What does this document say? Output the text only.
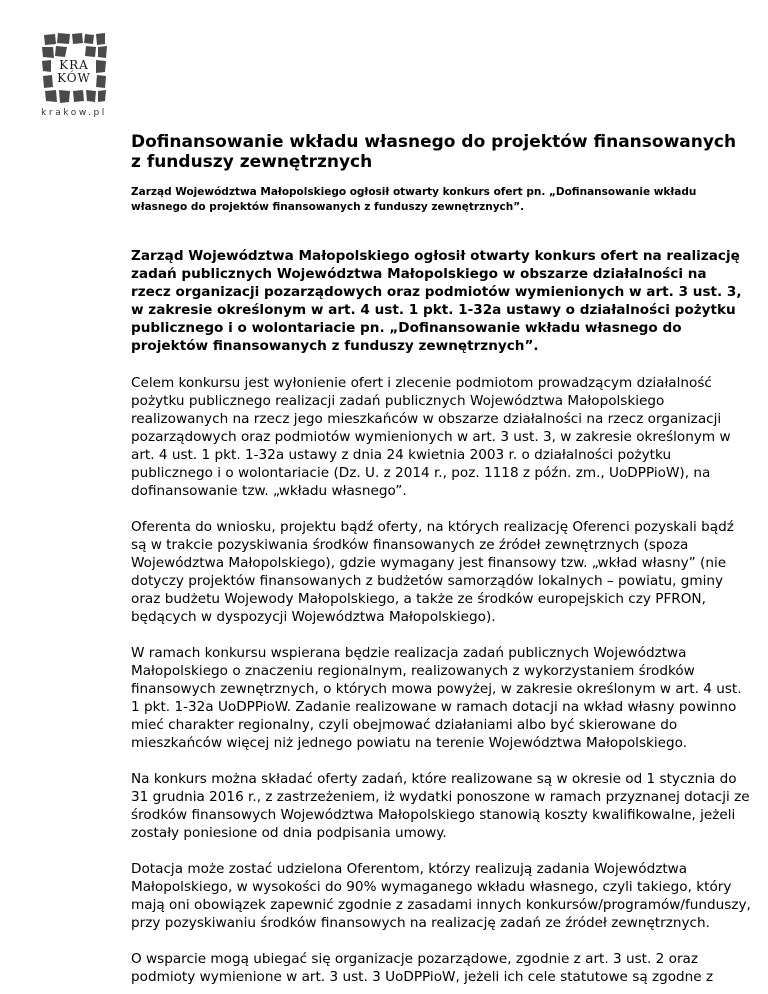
KRA
KÓW
krakow.pl
Dofinansowanie wkładu własnego do projektów finansowanych z funduszy zewnętrznych

Zarząd Województwa Małopolskiego ogłosił otwarty konkurs ofert pn. „Dofinansowanie wkładu własnego do projektów finansowanych z funduszy zewnętrznych”.

Zarząd Województwa Małopolskiego ogłosił otwarty konkurs ofert na realizację zadań publicznych Województwa Małopolskiego w obszarze działalności na rzecz organizacji pozarządowych oraz podmiotów wymienionych w art. 3 ust. 3, w zakresie określonym w art. 4 ust. 1 pkt. 1-32a ustawy o działalności pożytku publicznego i o wolontariacie pn. „Dofinansowanie wkładu własnego do projektów finansowanych z funduszy zewnętrznych”.

Celem konkursu jest wyłonienie ofert i zlecenie podmiotom prowadzącym działalność pożytku publicznego realizacji zadań publicznych Województwa Małopolskiego realizowanych na rzecz jego mieszkańców w obszarze działalności na rzecz organizacji pozarządowych oraz podmiotów wymienionych w art. 3 ust. 3, w zakresie określonym w art. 4 ust. 1 pkt. 1-32a ustawy z dnia 24 kwietnia 2003 r. o działalności pożytku publicznego i o wolontariacie (Dz. U. z 2014 r., poz. 1118 z późn. zm., UoDPPioW), na dofinansowanie tzw. „wkładu własnego”.

Oferenta do wniosku, projektu bądź oferty, na których realizację Oferenci pozyskali bądź są w trakcie pozyskiwania środków finansowanych ze źródeł zewnętrznych (spoza Województwa Małopolskiego), gdzie wymagany jest finansowy tzw. „wkład własny” (nie dotyczy projektów finansowanych z budżetów samorządów lokalnych – powiatu, gminy oraz budżetu Wojewody Małopolskiego, a także ze środków europejskich czy PFRON, będących w dyspozycji Województwa Małopolskiego).

W ramach konkursu wspierana będzie realizacja zadań publicznych Województwa Małopolskiego o znaczeniu regionalnym, realizowanych z wykorzystaniem środków finansowych zewnętrznych, o których mowa powyżej, w zakresie określonym w art. 4 ust. 1 pkt. 1-32a UoDPPioW. Zadanie realizowane w ramach dotacji na wkład własny powinno mieć charakter regionalny, czyli obejmować działaniami albo być skierowane do mieszkańców więcej niż jednego powiatu na terenie Województwa Małopolskiego.

Na konkurs można składać oferty zadań, które realizowane są w okresie od 1 stycznia do 31 grudnia 2016 r., z zastrzeżeniem, iż wydatki ponoszone w ramach przyznanej dotacji ze środków finansowych Województwa Małopolskiego stanowią koszty kwalifikowalne, jeżeli zostały poniesione od dnia podpisania umowy.

Dotacja może zostać udzielona Oferentom, którzy realizują zadania Województwa Małopolskiego, w wysokości do 90% wymaganego wkładu własnego, czyli takiego, który mają oni obowiązek zapewnić zgodnie z zasadami innych konkursów/programów/funduszy, przy pozyskiwaniu środków finansowych na realizację zadań ze źródeł zewnętrznych.

O wsparcie mogą ubiegać się organizacje pozarządowe, zgodnie z art. 3 ust. 2 oraz podmioty wymienione w art. 3 ust. 3 UoDPPioW, jeżeli ich cele statutowe są zgodne z
